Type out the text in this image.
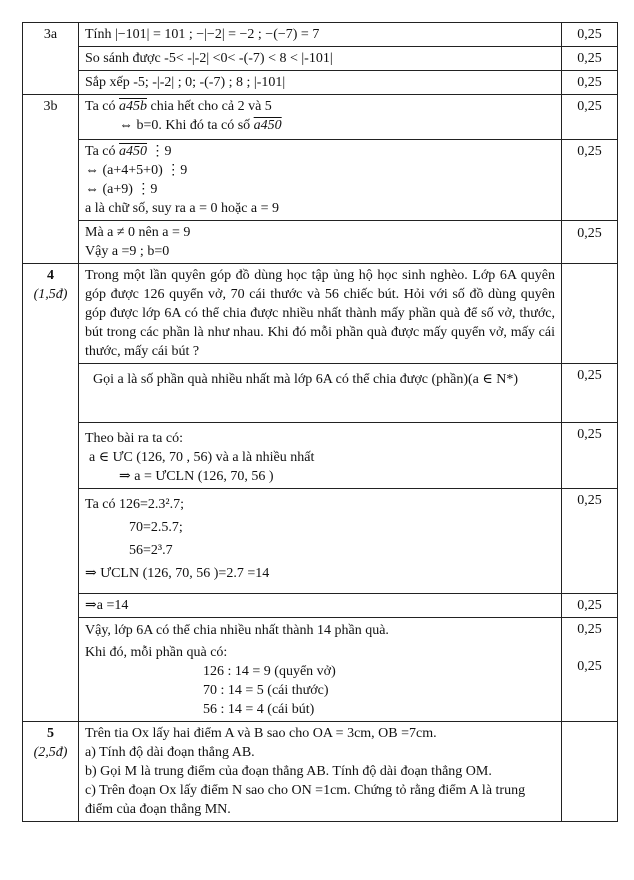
3a	Tính |−101| = 101 ; −|−2| = −2 ; −(−7) = 7	0,25
	So sánh được -5< -|-2| <0< -(-7) < 8 < |-101|	0,25
	Sắp xếp -5; -|-2| ; 0; -(-7) ; 8 ; |-101|	0,25
3b	Ta có a45b chia hết cho cả 2 và 5
⇔ b=0. Khi đó ta có số a450	0,25

	Ta có a450 ⋮9
⇔ (a+4+5+0) ⋮9
⇔ (a+9) ⋮9
a là chữ số, suy ra a = 0 hoặc a = 9	0,25

	Mà a ≠ 0 nên a = 9
Vậy a =9 ; b=0	0,25

4
(1,5đ)	Trong một lần quyên góp đồ dùng học tập ủng hộ học sinh nghèo. Lớp 6A quyên góp được 126 quyển vở, 70 cái thước và 56 chiếc bút. Hỏi với số đồ dùng quyên góp được lớp 6A có thể chia được nhiều nhất thành mấy phần quà để số vở, thước, bút trong các phần là như nhau. Khi đó mỗi phần quà được mấy quyển vở, mấy cái thước, mấy cái bút ?	
	Gọi a là số phần quà nhiều nhất mà lớp 6A có thể chia được (phần)(a ∈ N*)	0,25

	Theo bài ra ta có:
a ∈ ƯC (126, 70 , 56) và a là nhiều nhất
⇒ a = ƯCLN (126, 70, 56 )	0,25

	Ta có 126=2.3².7;
70=2.5.7;
56=2³.7
⇒ ƯCLN (126, 70, 56 )=2.7 =14	0,25
	⇒a =14	0,25

	Vậy, lớp 6A có thể chia nhiều nhất thành 14 phần quà.
Khi đó, mỗi phần quà có:
126 : 14 = 9 (quyển vở)
70 : 14 = 5 (cái thước)
56 : 14 = 4 (cái bút)	0,25
0,25

5
(2,5đ)	Trên tia Ox lấy hai điểm A và B sao cho OA = 3cm, OB =7cm.
a) Tính độ dài đoạn thẳng AB.
b) Gọi M là trung điểm của đoạn thẳng AB. Tính độ dài đoạn thẳng OM.
c) Trên đoạn Ox lấy điểm N sao cho ON =1cm. Chứng tỏ rằng điểm A là trung điểm của đoạn thẳng MN.	
